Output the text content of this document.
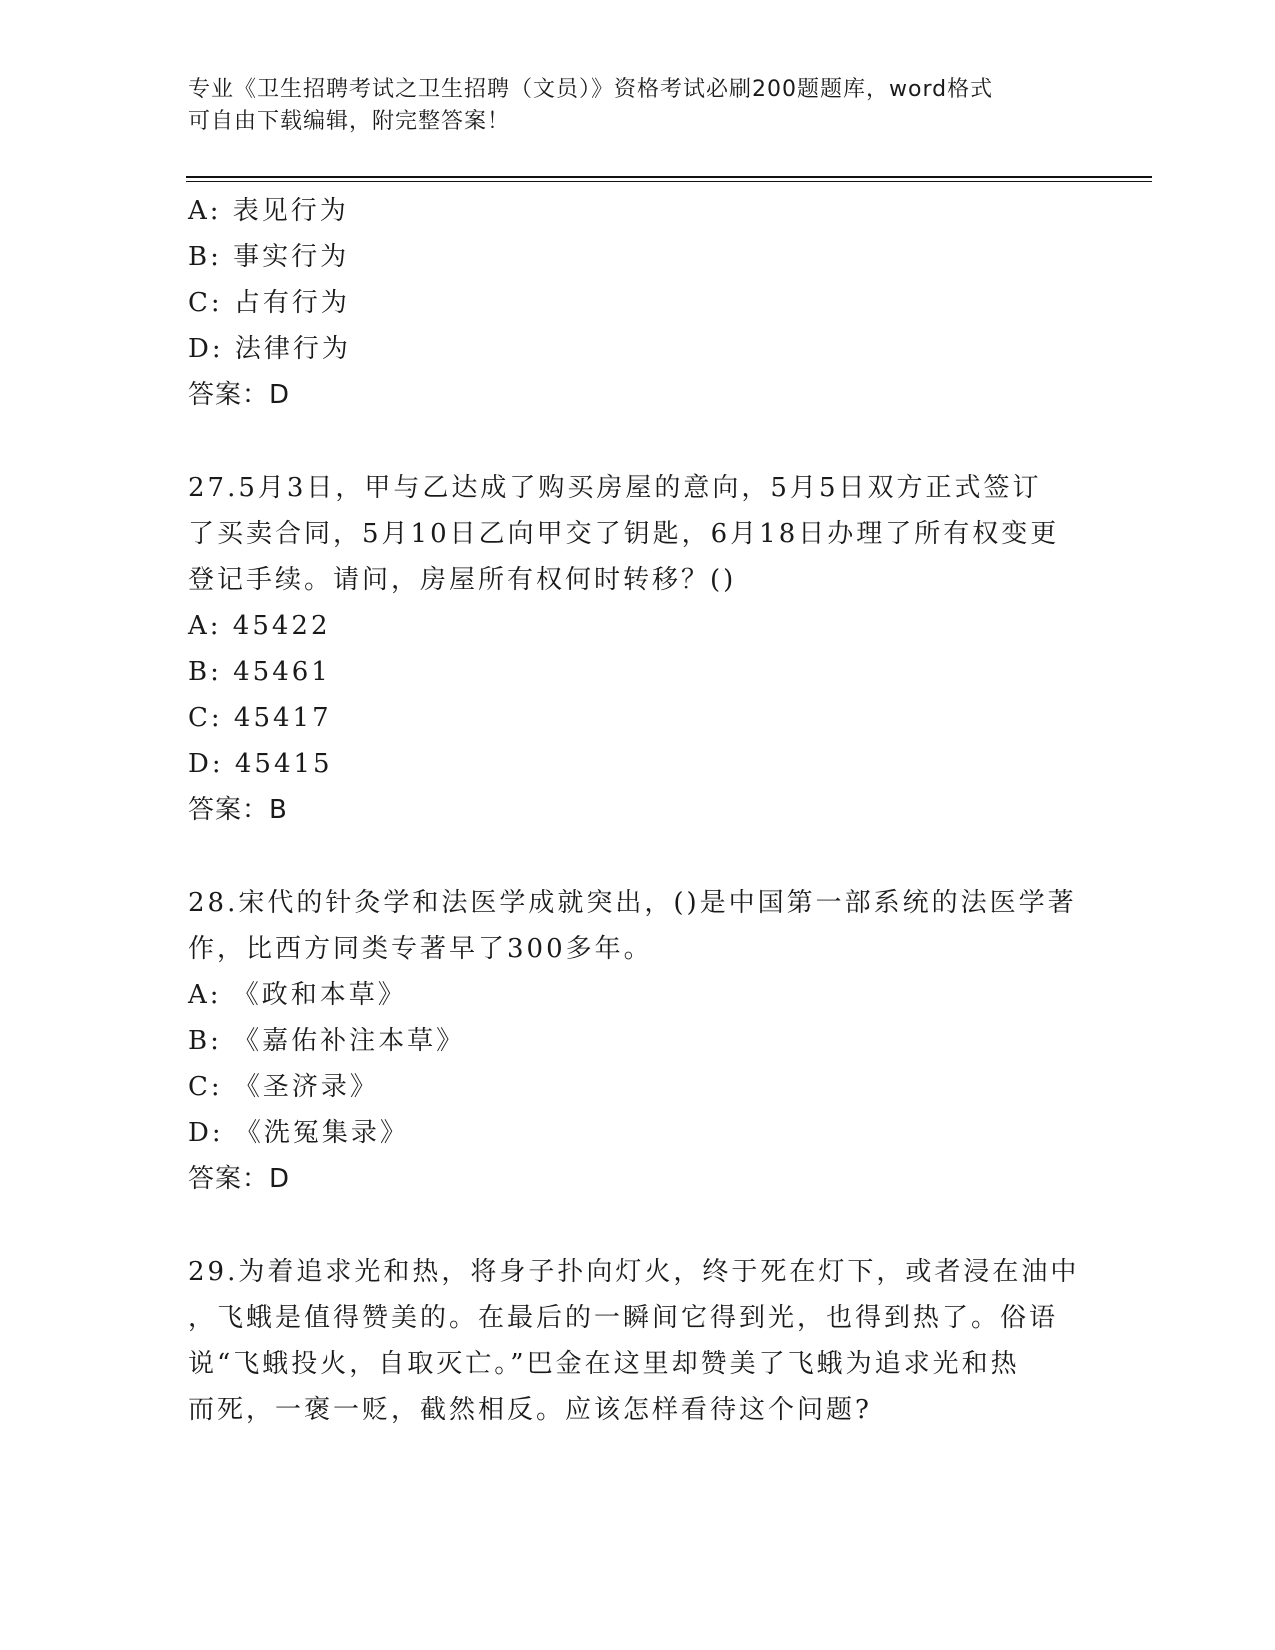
专业《卫生招聘考试之卫生招聘（文员）》资格考试必刷200题题库，word格式
可自由下载编辑，附完整答案！
A: 表见行为
B: 事实行为
C: 占有行为
D: 法律行为
答案：D
27.5月3日，甲与乙达成了购买房屋的意向，5月5日双方正式签订
了买卖合同，5月10日乙向甲交了钥匙，6月18日办理了所有权变更
登记手续。请问，房屋所有权何时转移？()
A: 45422
B: 45461
C: 45417
D: 45415
答案：B
28.宋代的针灸学和法医学成就突出，()是中国第一部系统的法医学著
作，比西方同类专著早了300多年。
A: 《政和本草》
B: 《嘉佑补注本草》
C: 《圣济录》
D: 《洗冤集录》
答案：D
29.为着追求光和热，将身子扑向灯火，终于死在灯下，或者浸在油中
，飞蛾是值得赞美的。在最后的一瞬间它得到光，也得到热了。俗语
说“飞蛾投火，自取灭亡。”巴金在这里却赞美了飞蛾为追求光和热
而死，一褒一贬，截然相反。应该怎样看待这个问题?
